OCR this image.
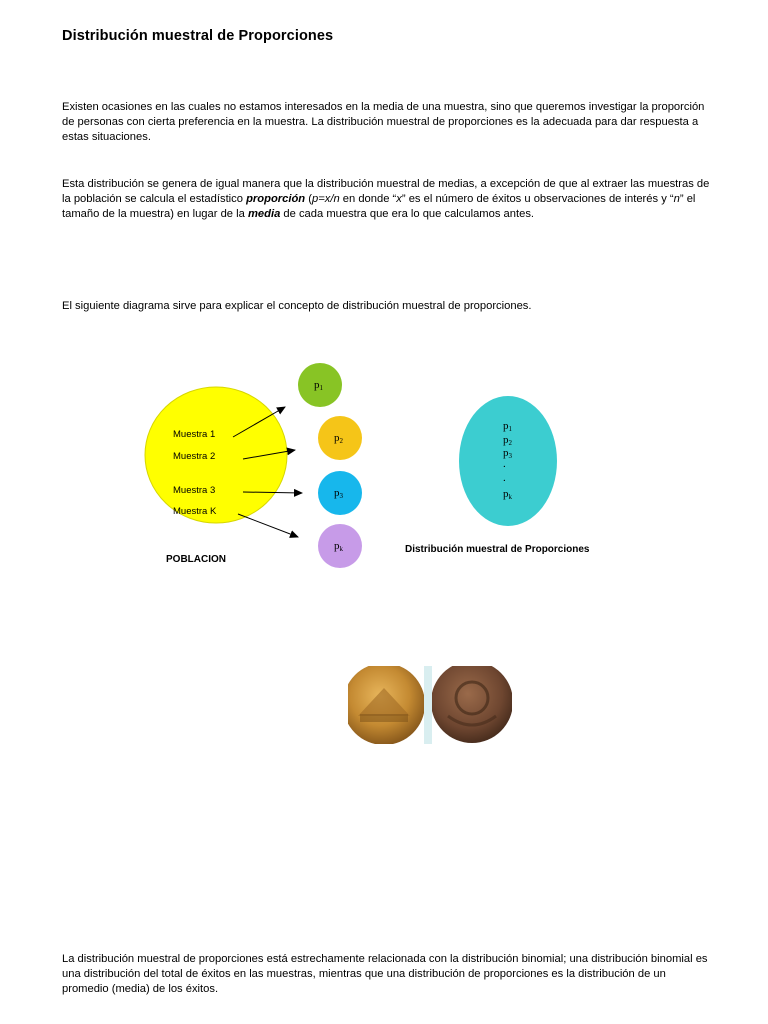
Distribución muestral de Proporciones
Existen ocasiones en las cuales no estamos interesados en la media de una muestra, sino que queremos investigar la proporción de personas con cierta preferencia en la muestra. La distribución muestral de proporciones es la adecuada para dar respuesta a estas situaciones.
Esta distribución se genera de igual manera que la distribución muestral de medias, a excepción de que al extraer las muestras de la población se calcula el estadístico proporción (p=x/n en donde “x” es el número de éxitos u observaciones de interés y “n” el tamaño de la muestra) en lugar de la media de cada muestra que era lo que calculamos antes.
El siguiente diagrama sirve para explicar el concepto de distribución muestral de proporciones.
Muestra 1
Muestra 2
Muestra 3
Muestra K
p1
p2
p3
pk
POBLACION
p1
p2
p3
.
.
pk
Distribución muestral de Proporciones
La distribución muestral de proporciones está estrechamente relacionada con la distribución binomial; una distribución binomial es una distribución del total de éxitos en las muestras, mientras que una distribución de proporciones es la distribución de un promedio (media) de los éxitos.
